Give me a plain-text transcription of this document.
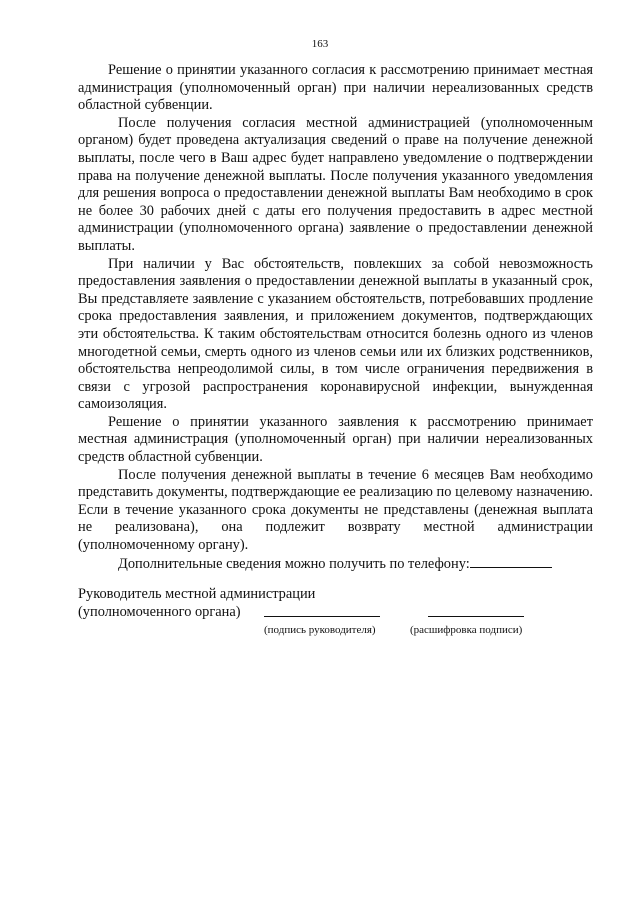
163

Решение о принятии указанного согласия к рассмотрению принимает местная администрация (уполномоченный орган) при наличии нереализованных средств областной субвенции.

После получения согласия местной администрацией (уполномоченным органом) будет проведена актуализация сведений о праве на получение денежной выплаты, после чего в Ваш адрес будет направлено уведомление о подтверждении права на получение денежной выплаты. После получения указанного уведомления для решения вопроса о предоставлении денежной выплаты Вам необходимо в срок не более 30 рабочих дней с даты его получения предоставить в адрес местной администрации (уполномоченного органа) заявление о предоставлении денежной выплаты.

При наличии у Вас обстоятельств, повлекших за собой невозможность предоставления заявления о предоставлении денежной выплаты в указанный срок, Вы представляете заявление с указанием обстоятельств, потребовавших продление срока предоставления заявления, и приложением документов, подтверждающих эти обстоятельства. К таким обстоятельствам относится болезнь одного из членов многодетной семьи, смерть одного из членов семьи или их близких родственников, обстоятельства непреодолимой силы, в том числе ограничения передвижения в связи с угрозой распространения коронавирусной инфекции, вынужденная самоизоляция.

Решение о принятии указанного заявления к рассмотрению принимает местная администрация (уполномоченный орган) при наличии нереализованных средств областной субвенции.

После получения денежной выплаты в течение 6 месяцев Вам необходимо представить документы, подтверждающие ее реализацию по целевому назначению. Если в течение указанного срока документы не представлены (денежная выплата не реализована), она подлежит возврату местной администрации (уполномоченному органу).

Дополнительные сведения можно получить по телефону:

Руководитель местной администрации
(уполномоченного органа)
(подпись руководителя)	(расшифровка подписи)
